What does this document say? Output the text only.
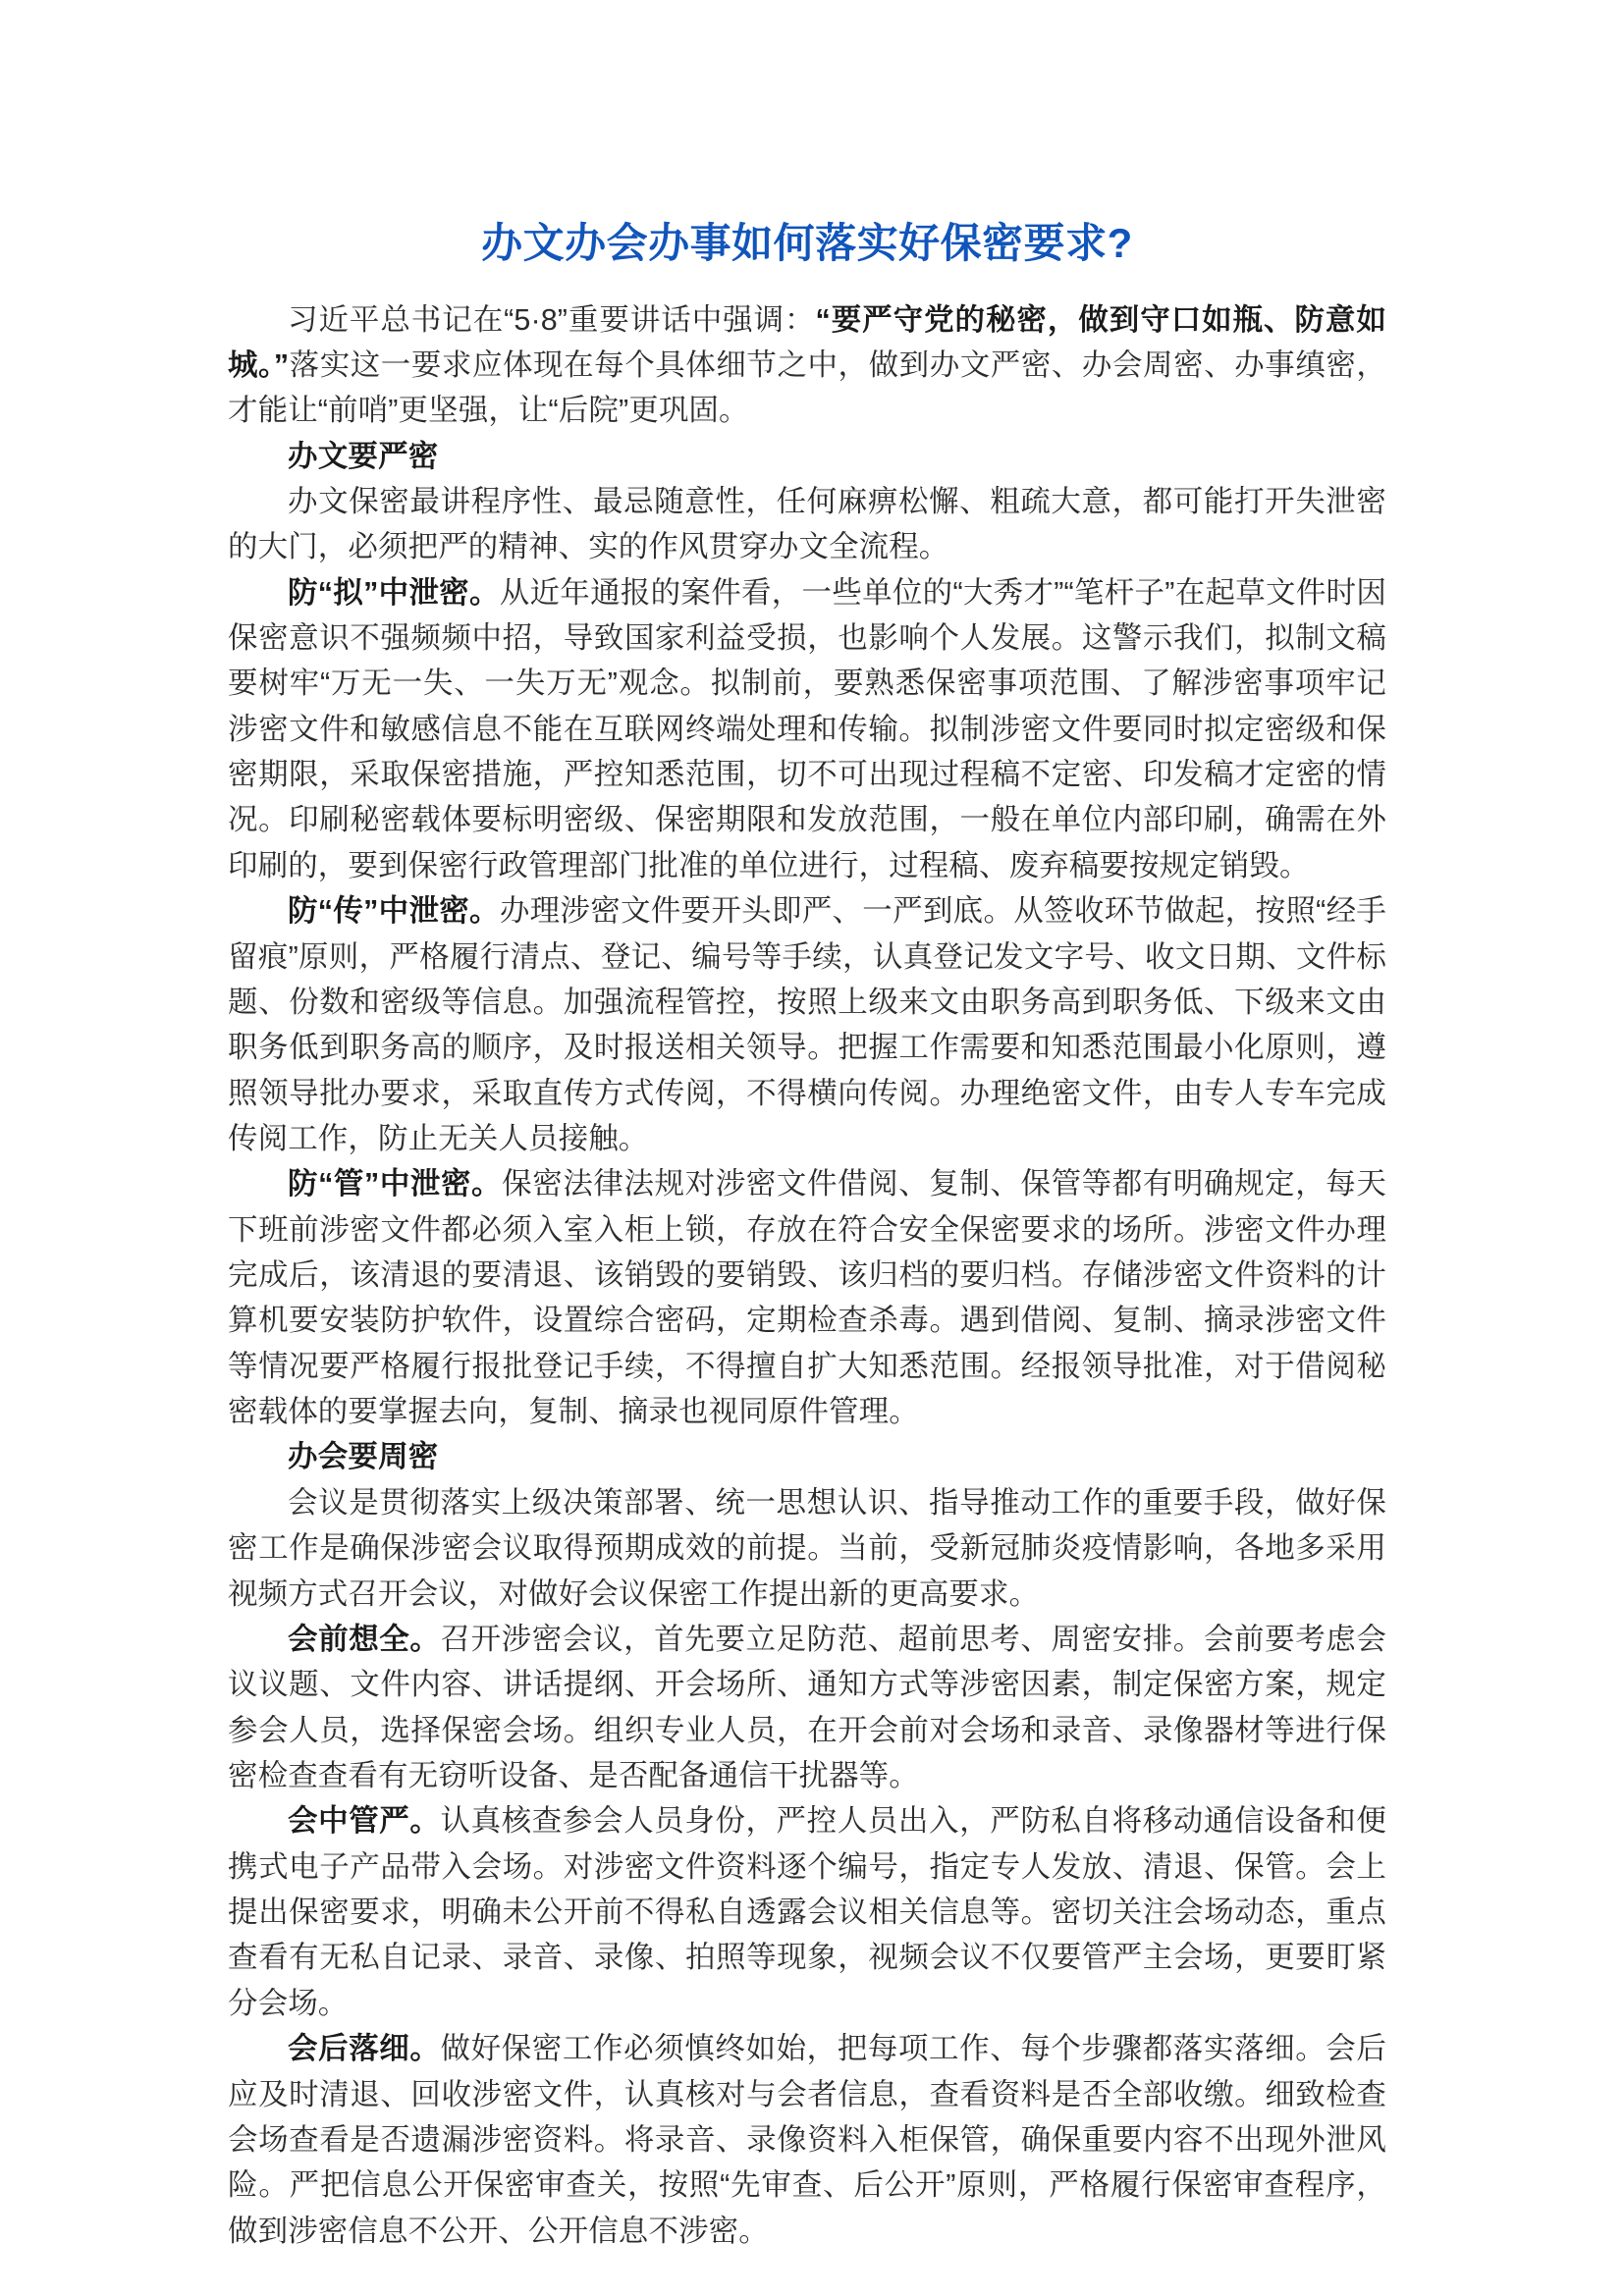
办文办会办事如何落实好保密要求?

习近平总书记在“5·8”重要讲话中强调：“要严守党的秘密，做到守口如瓶、防意如城。”落实这一要求应体现在每个具体细节之中，做到办文严密、办会周密、办事缜密，才能让“前哨”更坚强，让“后院”更巩固。

办文要严密

办文保密最讲程序性、最忌随意性，任何麻痹松懈、粗疏大意，都可能打开失泄密的大门，必须把严的精神、实的作风贯穿办文全流程。

防“拟”中泄密。从近年通报的案件看，一些单位的“大秀才”“笔杆子”在起草文件时因保密意识不强频频中招，导致国家利益受损，也影响个人发展。这警示我们，拟制文稿要树牢“万无一失、一失万无”观念。拟制前，要熟悉保密事项范围、了解涉密事项牢记涉密文件和敏感信息不能在互联网终端处理和传输。拟制涉密文件要同时拟定密级和保密期限，采取保密措施，严控知悉范围，切不可出现过程稿不定密、印发稿才定密的情况。印刷秘密载体要标明密级、保密期限和发放范围，一般在单位内部印刷，确需在外印刷的，要到保密行政管理部门批准的单位进行，过程稿、废弃稿要按规定销毁。

防“传”中泄密。办理涉密文件要开头即严、一严到底。从签收环节做起，按照“经手留痕”原则，严格履行清点、登记、编号等手续，认真登记发文字号、收文日期、文件标题、份数和密级等信息。加强流程管控，按照上级来文由职务高到职务低、下级来文由职务低到职务高的顺序，及时报送相关领导。把握工作需要和知悉范围最小化原则，遵照领导批办要求，采取直传方式传阅，不得横向传阅。办理绝密文件，由专人专车完成传阅工作，防止无关人员接触。

防“管”中泄密。保密法律法规对涉密文件借阅、复制、保管等都有明确规定，每天下班前涉密文件都必须入室入柜上锁，存放在符合安全保密要求的场所。涉密文件办理完成后，该清退的要清退、该销毁的要销毁、该归档的要归档。存储涉密文件资料的计算机要安装防护软件，设置综合密码，定期检查杀毒。遇到借阅、复制、摘录涉密文件等情况要严格履行报批登记手续，不得擅自扩大知悉范围。经报领导批准，对于借阅秘密载体的要掌握去向，复制、摘录也视同原件管理。

办会要周密

会议是贯彻落实上级决策部署、统一思想认识、指导推动工作的重要手段，做好保密工作是确保涉密会议取得预期成效的前提。当前，受新冠肺炎疫情影响，各地多采用视频方式召开会议，对做好会议保密工作提出新的更高要求。

会前想全。召开涉密会议，首先要立足防范、超前思考、周密安排。会前要考虑会议议题、文件内容、讲话提纲、开会场所、通知方式等涉密因素，制定保密方案，规定参会人员，选择保密会场。组织专业人员，在开会前对会场和录音、录像器材等进行保密检查查看有无窃听设备、是否配备通信干扰器等。

会中管严。认真核查参会人员身份，严控人员出入，严防私自将移动通信设备和便携式电子产品带入会场。对涉密文件资料逐个编号，指定专人发放、清退、保管。会上提出保密要求，明确未公开前不得私自透露会议相关信息等。密切关注会场动态，重点查看有无私自记录、录音、录像、拍照等现象，视频会议不仅要管严主会场，更要盯紧分会场。

会后落细。做好保密工作必须慎终如始，把每项工作、每个步骤都落实落细。会后应及时清退、回收涉密文件，认真核对与会者信息，查看资料是否全部收缴。细致检查会场查看是否遗漏涉密资料。将录音、录像资料入柜保管，确保重要内容不出现外泄风险。严把信息公开保密审查关，按照“先审查、后公开”原则，严格履行保密审查程序，做到涉密信息不公开、公开信息不涉密。
